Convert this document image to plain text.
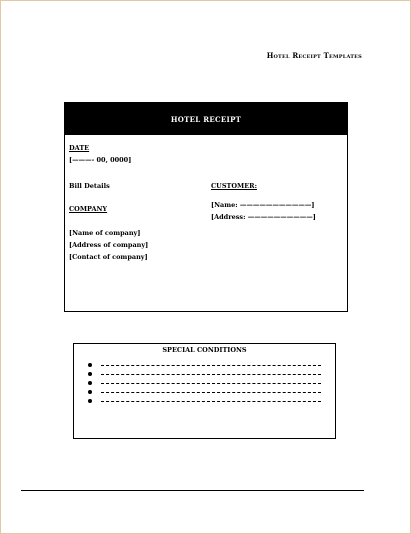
Hotel Receipt Templates
HOTEL RECEIPT
DATE
[———- 00, 0000]
Bill Details
COMPANY
[Name of company]
[Address of company]
[Contact of company]
CUSTOMER:
[Name: ———————————]
[Address: ——————————]
SPECIAL CONDITIONS
